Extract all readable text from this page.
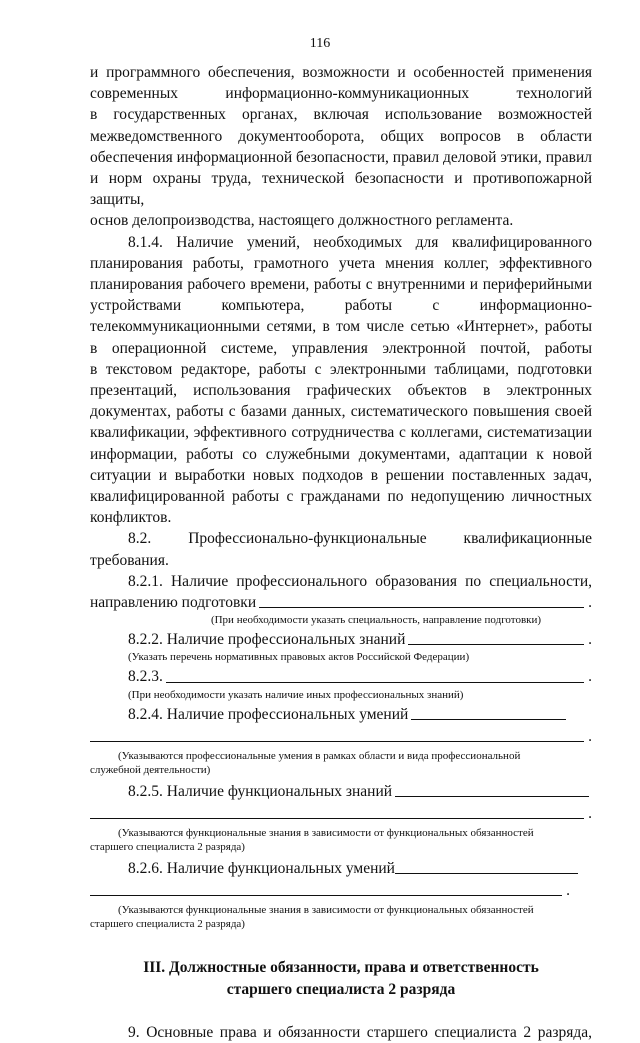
116

и программного обеспечения, возможности и особенностей применения

современных информационно-коммуникационных технологий

в государственных органах, включая использование возможностей

межведомственного документооборота, общих вопросов в области

обеспечения информационной безопасности, правил деловой этики, правил

и норм охраны труда, технической безопасности и противопожарной защиты,

основ делопроизводства, настоящего должностного регламента.

8.1.4. Наличие умений, необходимых для квалифицированного

планирования работы, грамотного учета мнения коллег, эффективного

планирования рабочего времени, работы с внутренними и периферийными

устройствами компьютера, работы с информационно-

телекоммуникационными сетями, в том числе сетью «Интернет», работы

в операционной системе, управления электронной почтой, работы

в текстовом редакторе, работы с электронными таблицами, подготовки

презентаций, использования графических объектов в электронных

документах, работы с базами данных, систематического повышения своей

квалификации, эффективного сотрудничества с коллегами, систематизации

информации, работы со служебными документами, адаптации к новой

ситуации и выработки новых подходов в решении поставленных задач,

квалифицированной работы с гражданами по недопущению личностных

конфликтов.

8.2. Профессионально-функциональные квалификационные

требования.

8.2.1. Наличие профессионального образования по специальности,

направлению подготовки	.
(При необходимости указать специальность, направление подготовки)
8.2.2. Наличие профессиональных знаний	.
(Указать перечень нормативных правовых актов Российской Федерации)
8.2.3.	.
(При необходимости указать наличие иных профессиональных знаний)
8.2.4. Наличие профессиональных умений
.
(Указываются профессиональные умения в рамках области и вида профессиональной
служебной деятельности)
8.2.5. Наличие функциональных знаний
.
(Указываются функциональные знания в зависимости от функциональных обязанностей
старшего специалиста 2 разряда)
8.2.6. Наличие функциональных умений
.
(Указываются функциональные знания в зависимости от функциональных обязанностей
старшего специалиста 2 разряда)
III. Должностные обязанности, права и ответственность
старшего специалиста 2 разряда

9. Основные права и обязанности старшего специалиста 2 разряда,
